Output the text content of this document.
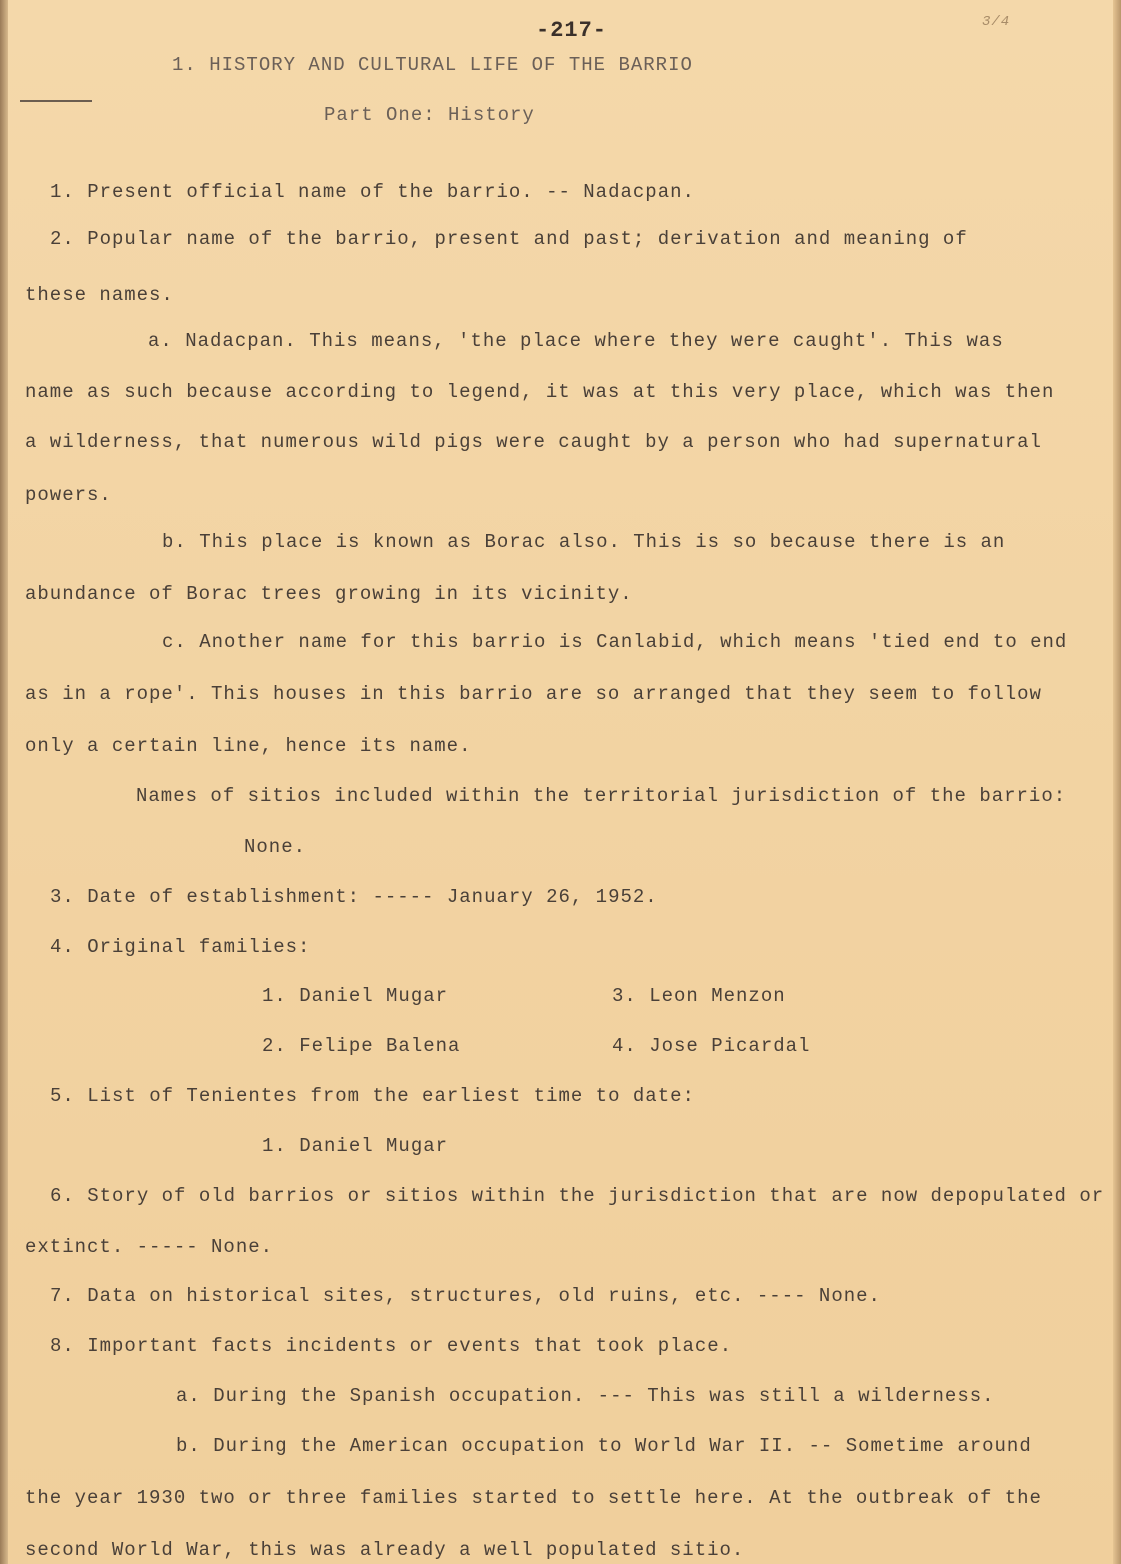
-217-	3/4
1. HISTORY AND CULTURAL LIFE OF THE BARRIO
Part One: History
1. Present official name of the barrio. -- Nadacpan.
2. Popular name of the barrio, present and past; derivation and meaning of
these names.
a. Nadacpan. This means, 'the place where they were caught'. This was
name as such because according to legend, it was at this very place, which was then
a wilderness, that numerous wild pigs were caught by a person who had supernatural
powers.
b. This place is known as Borac also. This is so because there is an
abundance of Borac trees growing in its vicinity.
c. Another name for this barrio is Canlabid, which means 'tied end to end
as in a rope'. This houses in this barrio are so arranged that they seem to follow
only a certain line, hence its name.
Names of sitios included within the territorial jurisdiction of the barrio:
None.
3. Date of establishment: ----- January 26, 1952.
4. Original families:
1. Daniel Mugar	3. Leon Menzon
2. Felipe Balena	4. Jose Picardal
5. List of Tenientes from the earliest time to date:
1. Daniel Mugar
6. Story of old barrios or sitios within the jurisdiction that are now depopulated or
extinct. ----- None.
7. Data on historical sites, structures, old ruins, etc. ---- None.
8. Important facts incidents or events that took place.
a. During the Spanish occupation. --- This was still a wilderness.
b. During the American occupation to World War II. -- Sometime around
the year 1930 two or three families started to settle here. At the outbreak of the
second World War, this was already a well populated sitio.
